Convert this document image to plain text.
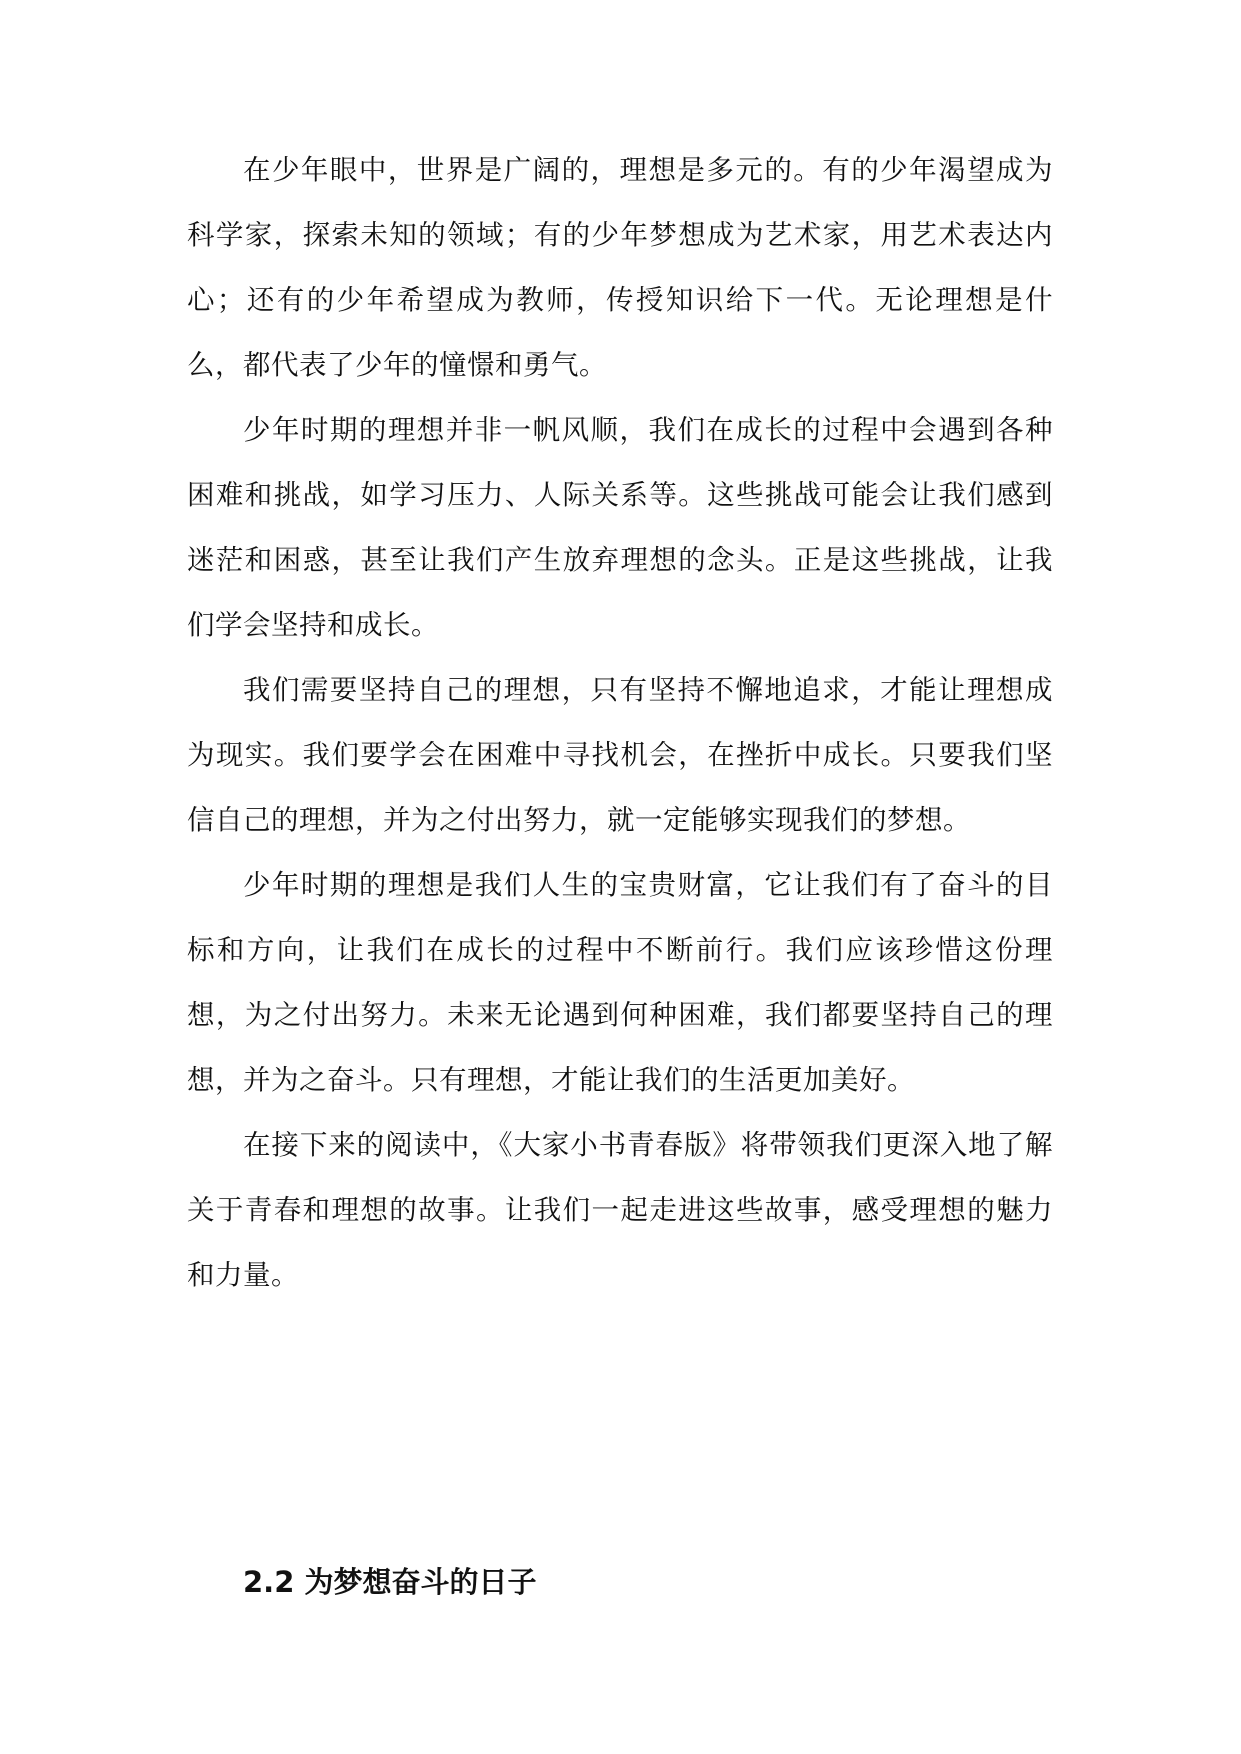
在少年眼中，世界是广阔的，理想是多元的。有的少年渴望成为科学家，探索未知的领域；有的少年梦想成为艺术家，用艺术表达内心；还有的少年希望成为教师，传授知识给下一代。无论理想是什么，都代表了少年的憧憬和勇气。

少年时期的理想并非一帆风顺，我们在成长的过程中会遇到各种困难和挑战，如学习压力、人际关系等。这些挑战可能会让我们感到迷茫和困惑，甚至让我们产生放弃理想的念头。正是这些挑战，让我们学会坚持和成长。

我们需要坚持自己的理想，只有坚持不懈地追求，才能让理想成为现实。我们要学会在困难中寻找机会，在挫折中成长。只要我们坚信自己的理想，并为之付出努力，就一定能够实现我们的梦想。

少年时期的理想是我们人生的宝贵财富，它让我们有了奋斗的目标和方向，让我们在成长的过程中不断前行。我们应该珍惜这份理想，为之付出努力。未来无论遇到何种困难，我们都要坚持自己的理想，并为之奋斗。只有理想，才能让我们的生活更加美好。

在接下来的阅读中，《大家小书青春版》将带领我们更深入地了解关于青春和理想的故事。让我们一起走进这些故事，感受理想的魅力和力量。

2.2 为梦想奋斗的日子
